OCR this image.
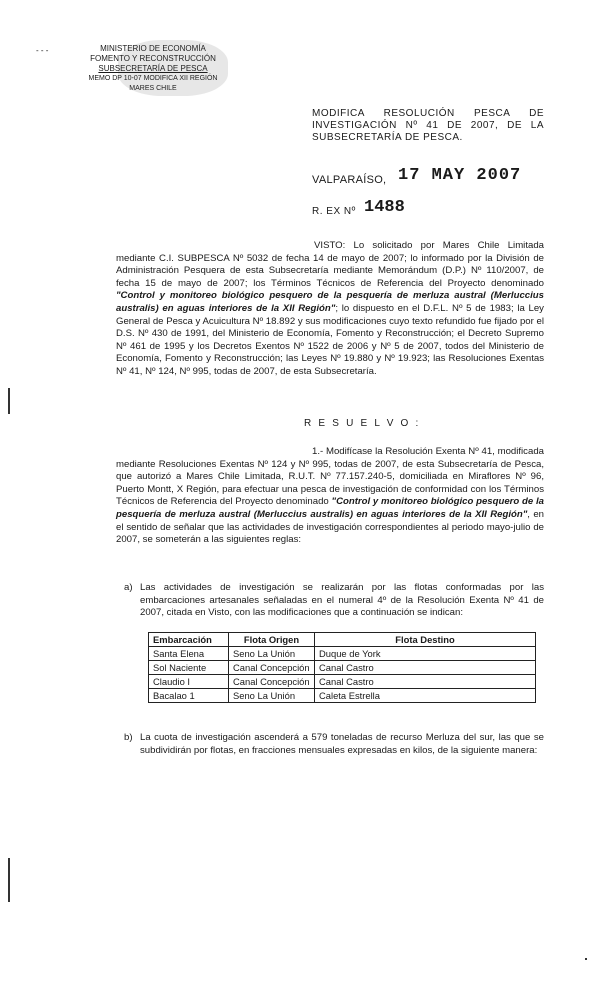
- - -	MINISTERIO DE ECONOMÍA
FOMENTO Y RECONSTRUCCIÓN
SUBSECRETARÍA DE PESCA
MEMO DP 10-07 MODIFICA XII REGIÓN
MARES CHILE
MODIFICA RESOLUCIÓN PESCA DE INVESTIGACIÓN Nº 41 DE 2007, DE LA SUBSECRETARÍA DE PESCA.
VALPARAÍSO, 17 MAY 2007
R. EX Nº 1488
VISTO: Lo solicitado por Mares Chile Limitada mediante C.I. SUBPESCA Nº 5032 de fecha 14 de mayo de 2007; lo informado por la División de Administración Pesquera de esta Subsecretaría mediante Memorándum (D.P.) Nº 110/2007, de fecha 15 de mayo de 2007; los Términos Técnicos de Referencia del Proyecto denominado "Control y monitoreo biológico pesquero de la pesquería de merluza austral (Merluccius australis) en aguas interiores de la XII Región"; lo dispuesto en el D.F.L. Nº 5 de 1983; la Ley General de Pesca y Acuicultura Nº 18.892 y sus modificaciones cuyo texto refundido fue fijado por el D.S. Nº 430 de 1991, del Ministerio de Economía, Fomento y Reconstrucción; el Decreto Supremo Nº 461 de 1995 y los Decretos Exentos Nº 1522 de 2006 y Nº 5 de 2007, todos del Ministerio de Economía, Fomento y Reconstrucción; las Leyes Nº 19.880 y Nº 19.923; las Resoluciones Exentas Nº 41, Nº 124, Nº 995, todas de 2007, de esta Subsecretaría.
R E S U E L V O :
1.- Modifícase la Resolución Exenta Nº 41, modificada mediante Resoluciones Exentas Nº 124 y Nº 995, todas de 2007, de esta Subsecretaría de Pesca, que autorizó a Mares Chile Limitada, R.U.T. Nº 77.157.240-5, domiciliada en Miraflores Nº 96, Puerto Montt, X Región, para efectuar una pesca de investigación de conformidad con los Términos Técnicos de Referencia del Proyecto denominado "Control y monitoreo biológico pesquero de la pesquería de merluza austral (Merluccius australis) en aguas interiores de la XII Región", en el sentido de señalar que las actividades de investigación correspondientes al periodo mayo-julio de 2007, se someterán a las siguientes reglas:
a) Las actividades de investigación se realizarán por las flotas conformadas por las embarcaciones artesanales señaladas en el numeral 4º de la Resolución Exenta Nº 41 de 2007, citada en Visto, con las modificaciones que a continuación se indican:
Embarcación	Flota Origen	Flota Destino
Santa Elena	Seno La Unión	Duque de York
Sol Naciente	Canal Concepción	Canal Castro
Claudio I	Canal Concepción	Canal Castro
Bacalao 1	Seno La Unión	Caleta Estrella
b) La cuota de investigación ascenderá a 579 toneladas de recurso Merluza del sur, las que se subdividirán por flotas, en fracciones mensuales expresadas en kilos, de la siguiente manera:
